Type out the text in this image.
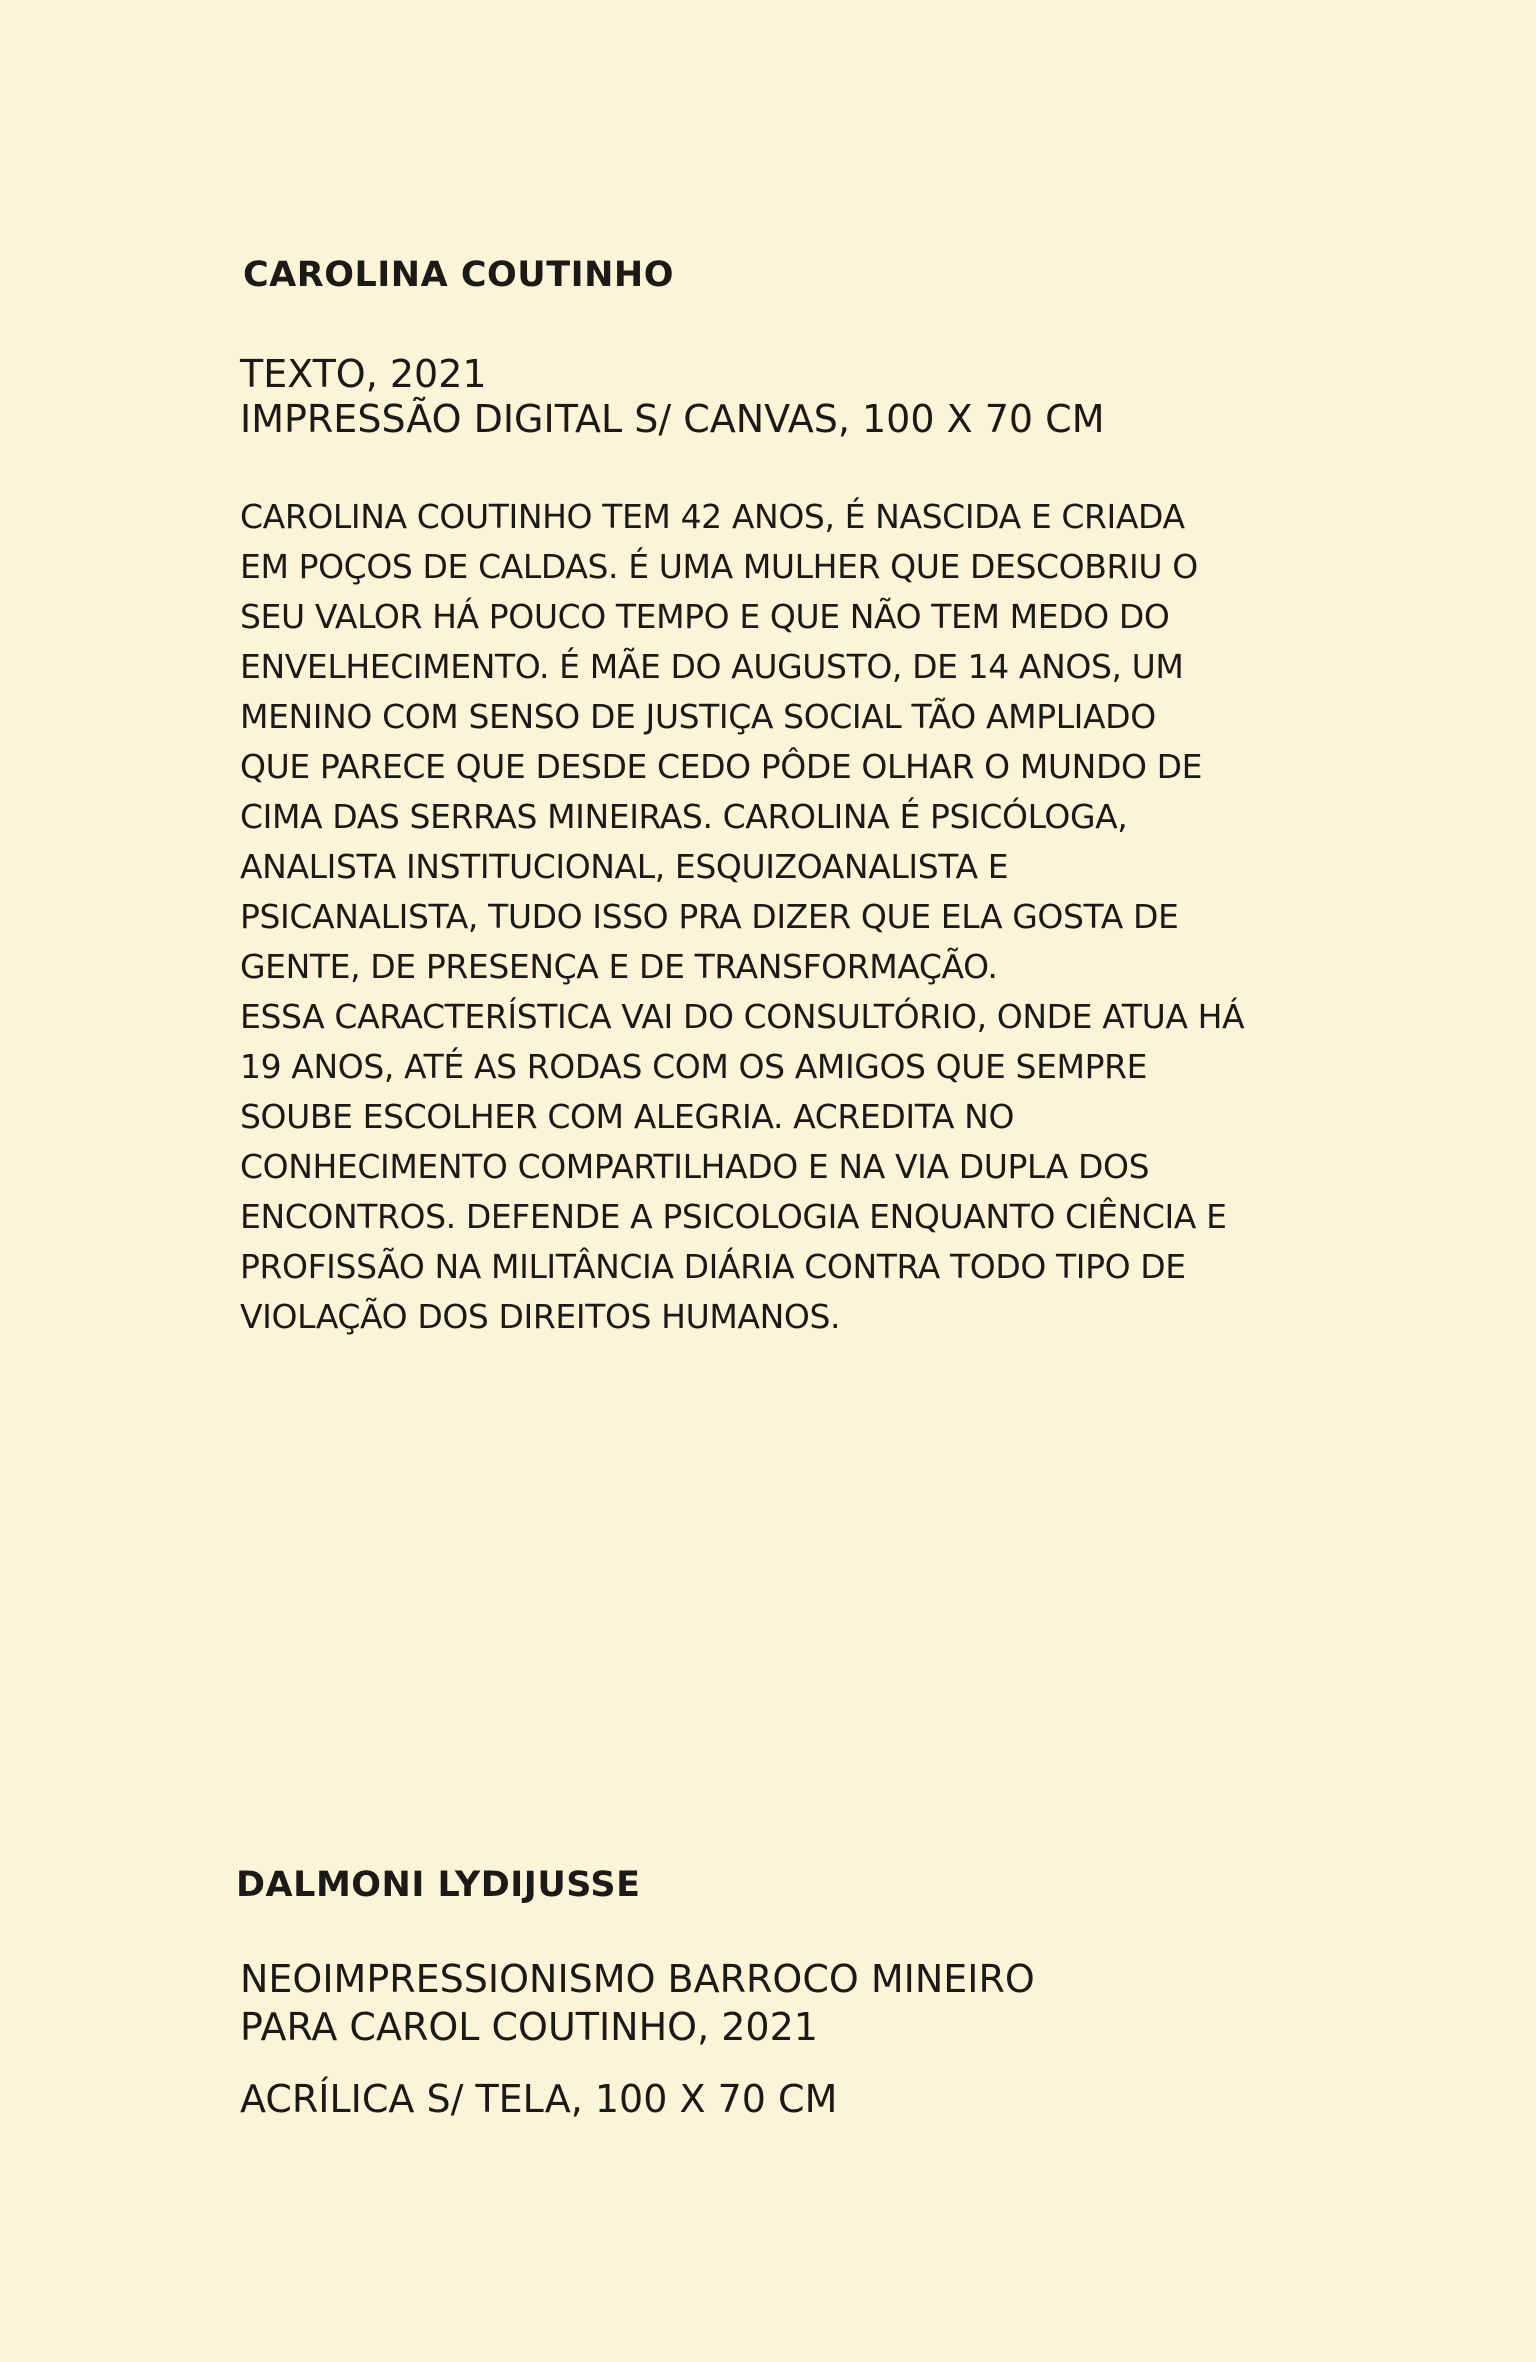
CAROLINA COUTINHO

TEXTO, 2021

IMPRESSÃO DIGITAL S/ CANVAS, 100 X 70 CM

CAROLINA COUTINHO TEM 42 ANOS, É NASCIDA E CRIADA
EM POÇOS DE CALDAS. É UMA MULHER QUE DESCOBRIU O
SEU VALOR HÁ POUCO TEMPO E QUE NÃO TEM MEDO DO
ENVELHECIMENTO. É MÃE DO AUGUSTO, DE 14 ANOS, UM
MENINO COM SENSO DE JUSTIÇA SOCIAL TÃO AMPLIADO
QUE PARECE QUE DESDE CEDO PÔDE OLHAR O MUNDO DE
CIMA DAS SERRAS MINEIRAS. CAROLINA É PSICÓLOGA,
ANALISTA INSTITUCIONAL, ESQUIZOANALISTA E
PSICANALISTA, TUDO ISSO PRA DIZER QUE ELA GOSTA DE
GENTE, DE PRESENÇA E DE TRANSFORMAÇÃO.
ESSA CARACTERÍSTICA VAI DO CONSULTÓRIO, ONDE ATUA HÁ
19 ANOS, ATÉ AS RODAS COM OS AMIGOS QUE SEMPRE
SOUBE ESCOLHER COM ALEGRIA. ACREDITA NO
CONHECIMENTO COMPARTILHADO E NA VIA DUPLA DOS
ENCONTROS. DEFENDE A PSICOLOGIA ENQUANTO CIÊNCIA E
PROFISSÃO NA MILITÂNCIA DIÁRIA CONTRA TODO TIPO DE
VIOLAÇÃO DOS DIREITOS HUMANOS.
DALMONI LYDIJUSSE

NEOIMPRESSIONISMO BARROCO MINEIRO

PARA CAROL COUTINHO, 2021

ACRÍLICA S/ TELA, 100 X 70 CM
